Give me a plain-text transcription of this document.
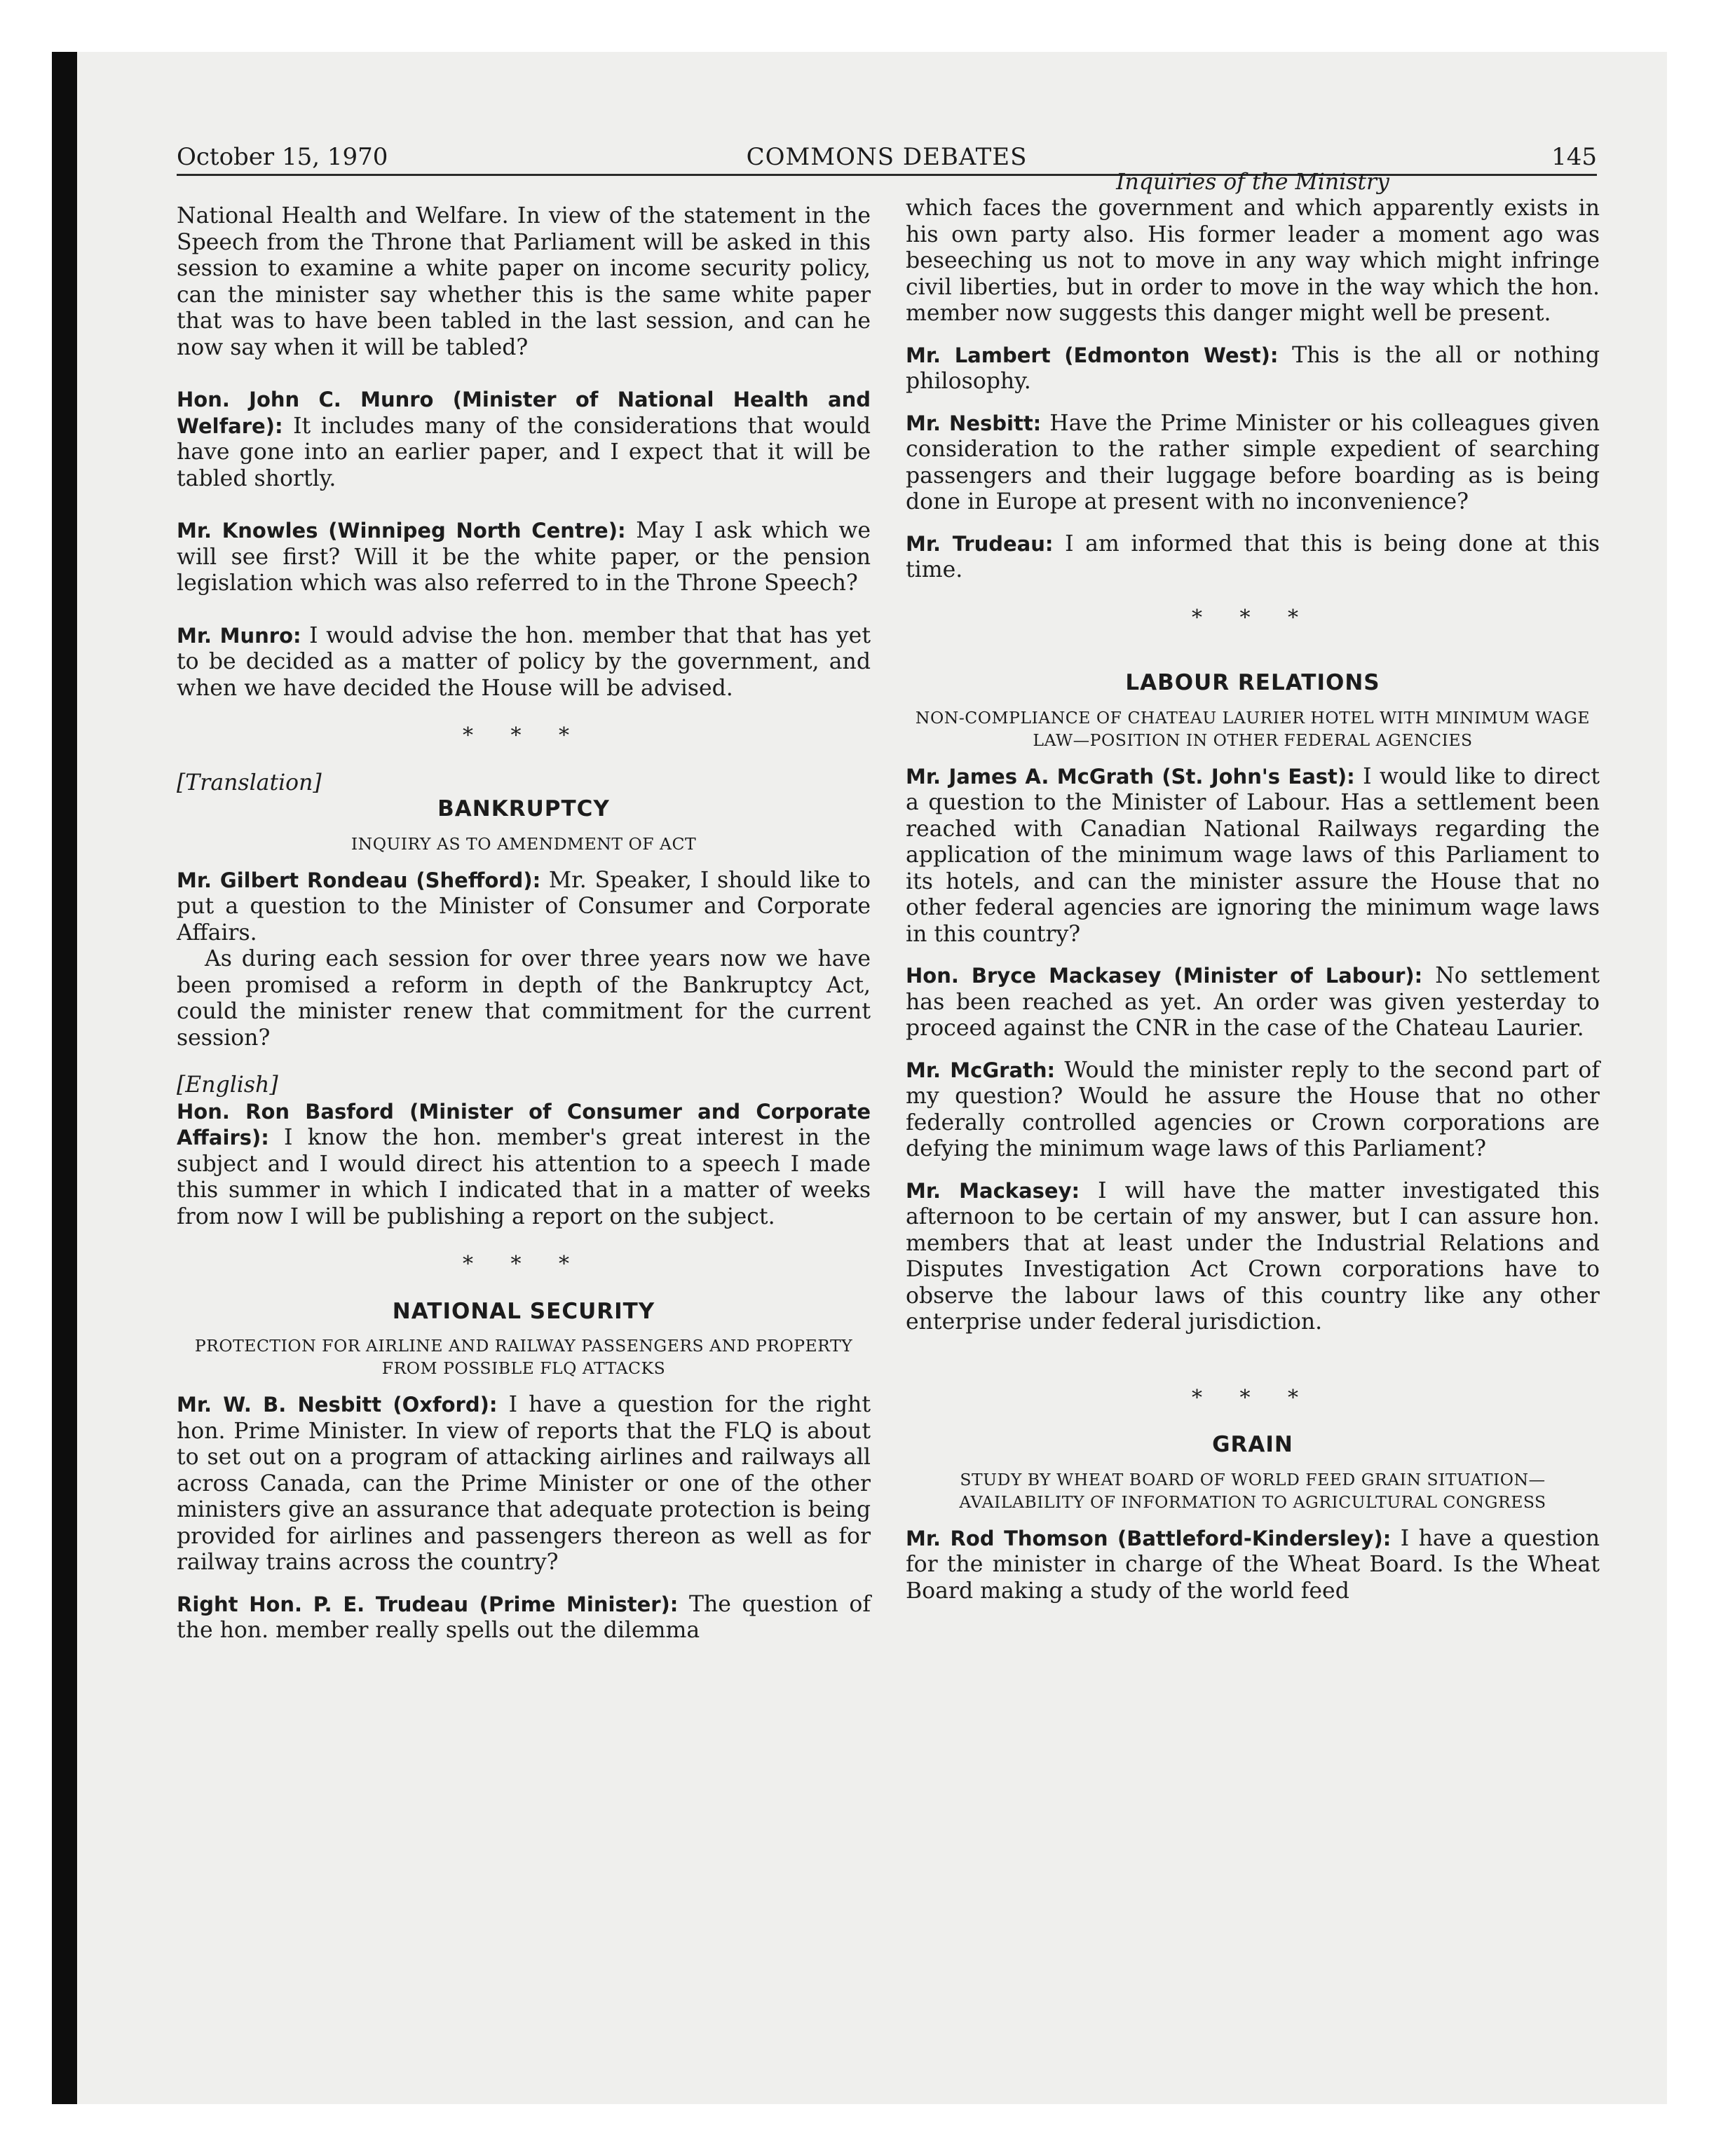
October 15, 1970	COMMONS DEBATES	145

National Health and Welfare. In view of the statement in the Speech from the Throne that Parliament will be asked in this session to examine a white paper on income security policy, can the minister say whether this is the same white paper that was to have been tabled in the last session, and can he now say when it will be tabled?

Hon. John C. Munro (Minister of National Health and Welfare): It includes many of the considerations that would have gone into an earlier paper, and I expect that it will be tabled shortly.

Mr. Knowles (Winnipeg North Centre): May I ask which we will see first? Will it be the white paper, or the pension legislation which was also referred to in the Throne Speech?

Mr. Munro: I would advise the hon. member that that has yet to be decided as a matter of policy by the government, and when we have decided the House will be advised.

* * *
[Translation]
BANKRUPTCY
INQUIRY AS TO AMENDMENT OF ACT

Mr. Gilbert Rondeau (Shefford): Mr. Speaker, I should like to put a question to the Minister of Consumer and Corporate Affairs.

As during each session for over three years now we have been promised a reform in depth of the Bankruptcy Act, could the minister renew that commitment for the current session?

[English]

Hon. Ron Basford (Minister of Consumer and Corporate Affairs): I know the hon. member's great interest in the subject and I would direct his attention to a speech I made this summer in which I indicated that in a matter of weeks from now I will be publishing a report on the subject.

* * *
NATIONAL SECURITY
PROTECTION FOR AIRLINE AND RAILWAY PASSENGERS AND PROPERTY FROM POSSIBLE FLQ ATTACKS

Mr. W. B. Nesbitt (Oxford): I have a question for the right hon. Prime Minister. In view of reports that the FLQ is about to set out on a program of attacking airlines and railways all across Canada, can the Prime Minister or one of the other ministers give an assurance that adequate protection is being provided for airlines and passengers thereon as well as for railway trains across the country?

Right Hon. P. E. Trudeau (Prime Minister): The question of the hon. member really spells out the dilemma

Inquiries of the Ministry

which faces the government and which apparently exists in his own party also. His former leader a moment ago was beseeching us not to move in any way which might infringe civil liberties, but in order to move in the way which the hon. member now suggests this danger might well be present.

Mr. Lambert (Edmonton West): This is the all or nothing philosophy.

Mr. Nesbitt: Have the Prime Minister or his colleagues given consideration to the rather simple expedient of searching passengers and their luggage before boarding as is being done in Europe at present with no inconvenience?

Mr. Trudeau: I am informed that this is being done at this time.

* * *
LABOUR RELATIONS
NON-COMPLIANCE OF CHATEAU LAURIER HOTEL WITH MINIMUM WAGE LAW—POSITION IN OTHER FEDERAL AGENCIES

Mr. James A. McGrath (St. John's East): I would like to direct a question to the Minister of Labour. Has a settlement been reached with Canadian National Railways regarding the application of the minimum wage laws of this Parliament to its hotels, and can the minister assure the House that no other federal agencies are ignoring the minimum wage laws in this country?

Hon. Bryce Mackasey (Minister of Labour): No settlement has been reached as yet. An order was given yesterday to proceed against the CNR in the case of the Chateau Laurier.

Mr. McGrath: Would the minister reply to the second part of my question? Would he assure the House that no other federally controlled agencies or Crown corporations are defying the minimum wage laws of this Parliament?

Mr. Mackasey: I will have the matter investigated this afternoon to be certain of my answer, but I can assure hon. members that at least under the Industrial Relations and Disputes Investigation Act Crown corporations have to observe the labour laws of this country like any other enterprise under federal jurisdiction.

* * *
GRAIN
STUDY BY WHEAT BOARD OF WORLD FEED GRAIN SITUATION—AVAILABILITY OF INFORMATION TO AGRICULTURAL CONGRESS

Mr. Rod Thomson (Battleford-Kindersley): I have a question for the minister in charge of the Wheat Board. Is the Wheat Board making a study of the world feed
